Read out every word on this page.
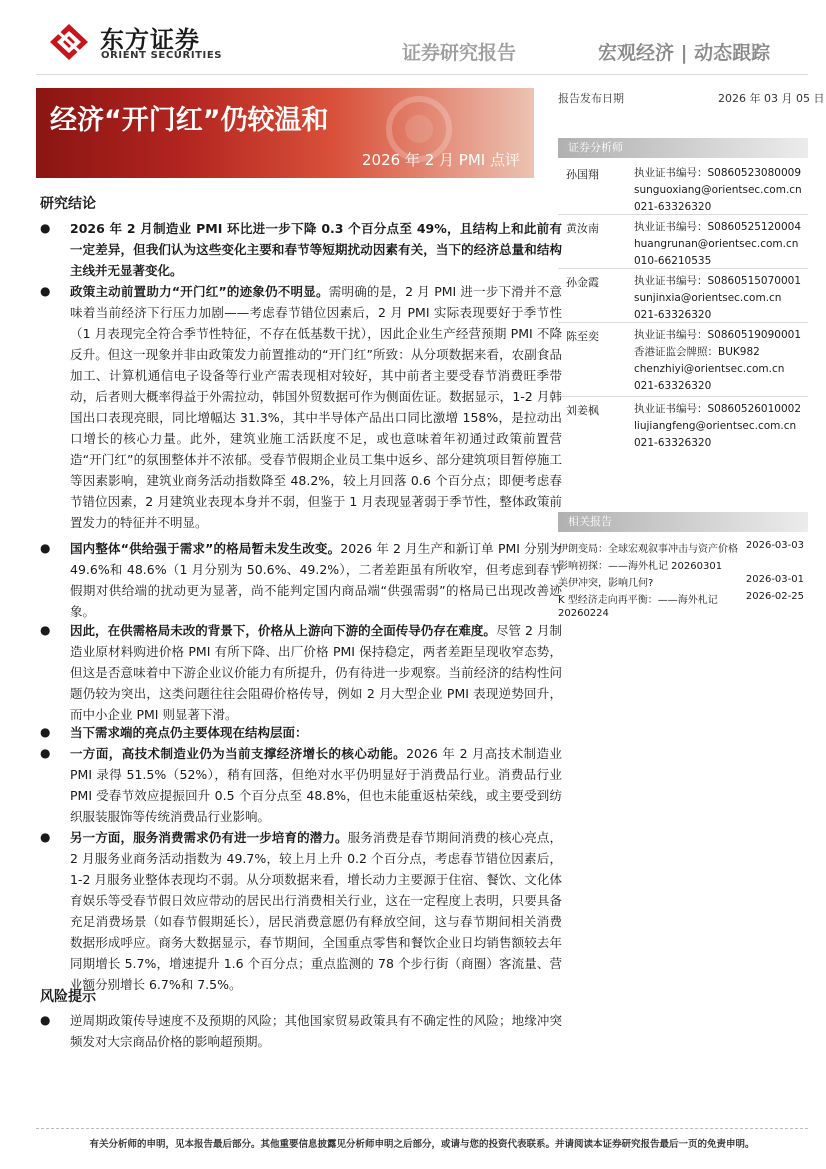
东方证券
ORIENT SECURITIES	证券研究报告	宏观经济 | 动态跟踪
经济“开门红”仍较温和
2026 年 2 月 PMI 点评
报告发布日期	2026 年 03 月 05 日
证券分析师
孙国翔	执业证书编号：S0860523080009
sunguoxiang@orientsec.com.cn
021-63326320
黄汝南	执业证书编号：S0860525120004
huangrunan@orientsec.com.cn
010-66210535
孙金霞	执业证书编号：S0860515070001
sunjinxia@orientsec.com.cn
021-63326320
陈至奕	执业证书编号：S0860519090001
香港证监会牌照：BUK982
chenzhiyi@orientsec.com.cn
021-63326320
刘姜枫	执业证书编号：S0860526010002
liujiangfeng@orientsec.com.cn
021-63326320
相关报告
伊朗变局：全球宏观叙事冲击与资产价格 2026-03-03
影响初探：——海外札记 20260301
美伊冲突，影响几何?	2026-03-01
K 型经济走向再平衡：——海外札记	2026-02-25
20260224
研究结论
● 2026 年 2 月制造业 PMI 环比进一步下降 0.3 个百分点至 49%，且结构上和此前有一定差异，但我们认为这些变化主要和春节等短期扰动因素有关，当下的经济总量和结构主线并无显著变化。

● 政策主动前置助力“开门红”的迹象仍不明显。需明确的是，2 月 PMI 进一步下滑并不意味着当前经济下行压力加剧——考虑春节错位因素后，2 月 PMI 实际表现要好于季节性（1 月表现完全符合季节性特征，不存在低基数干扰），因此企业生产经营预期 PMI 不降反升。但这一现象并非由政策发力前置推动的“开门红”所致：从分项数据来看，农副食品加工、计算机通信电子设备等行业产需表现相对较好，其中前者主要受春节消费旺季带动，后者则大概率得益于外需拉动，韩国外贸数据可作为侧面佐证。数据显示，1-2 月韩国出口表现亮眼，同比增幅达 31.3%，其中半导体产品出口同比激增 158%，是拉动出口增长的核心力量。此外，建筑业施工活跃度不足，或也意味着年初通过政策前置营造“开门红”的氛围整体并不浓郁。受春节假期企业员工集中返乡、部分建筑项目暂停施工等因素影响，建筑业商务活动指数降至 48.2%，较上月回落 0.6 个百分点；即便考虑春节错位因素，2 月建筑业表现本身并不弱，但鉴于 1 月表现显著弱于季节性，整体政策前置发力的特征并不明显。

● 国内整体“供给强于需求”的格局暂未发生改变。2026 年 2 月生产和新订单 PMI 分别为 49.6%和 48.6%（1 月分别为 50.6%、49.2%），二者差距虽有所收窄，但考虑到春节假期对供给端的扰动更为显著，尚不能判定国内商品端“供强需弱”的格局已出现改善迹象。

● 因此，在供需格局未改的背景下，价格从上游向下游的全面传导仍存在难度。尽管 2 月制造业原材料购进价格 PMI 有所下降、出厂价格 PMI 保持稳定，两者差距呈现收窄态势，但这是否意味着中下游企业议价能力有所提升，仍有待进一步观察。当前经济的结构性问题仍较为突出，这类问题往往会阻碍价格传导，例如 2 月大型企业 PMI 表现逆势回升，而中小企业 PMI 则显著下滑。

● 当下需求端的亮点仍主要体现在结构层面：

● 一方面，高技术制造业仍为当前支撑经济增长的核心动能。2026 年 2 月高技术制造业 PMI 录得 51.5%（52%），稍有回落，但绝对水平仍明显好于消费品行业。消费品行业 PMI 受春节效应提振回升 0.5 个百分点至 48.8%，但也未能重返枯荣线，或主要受到纺织服装服饰等传统消费品行业影响。

● 另一方面，服务消费需求仍有进一步培育的潜力。服务消费是春节期间消费的核心亮点，2 月服务业商务活动指数为 49.7%，较上月上升 0.2 个百分点，考虑春节错位因素后，1-2 月服务业整体表现均不弱。从分项数据来看，增长动力主要源于住宿、餐饮、文化体育娱乐等受春节假日效应带动的居民出行消费相关行业，这在一定程度上表明，只要具备充足消费场景（如春节假期延长），居民消费意愿仍有释放空间，这与春节期间相关消费数据形成呼应。商务大数据显示，春节期间，全国重点零售和餐饮企业日均销售额较去年同期增长 5.7%，增速提升 1.6 个百分点；重点监测的 78 个步行街（商圈）客流量、营业额分别增长 6.7%和 7.5%。

风险提示
● 逆周期政策传导速度不及预期的风险；其他国家贸易政策具有不确定性的风险；地缘冲突频发对大宗商品价格的影响超预期。

有关分析师的申明，见本报告最后部分。其他重要信息披露见分析师申明之后部分，或请与您的投资代表联系。并请阅读本证券研究报告最后一页的免责申明。
